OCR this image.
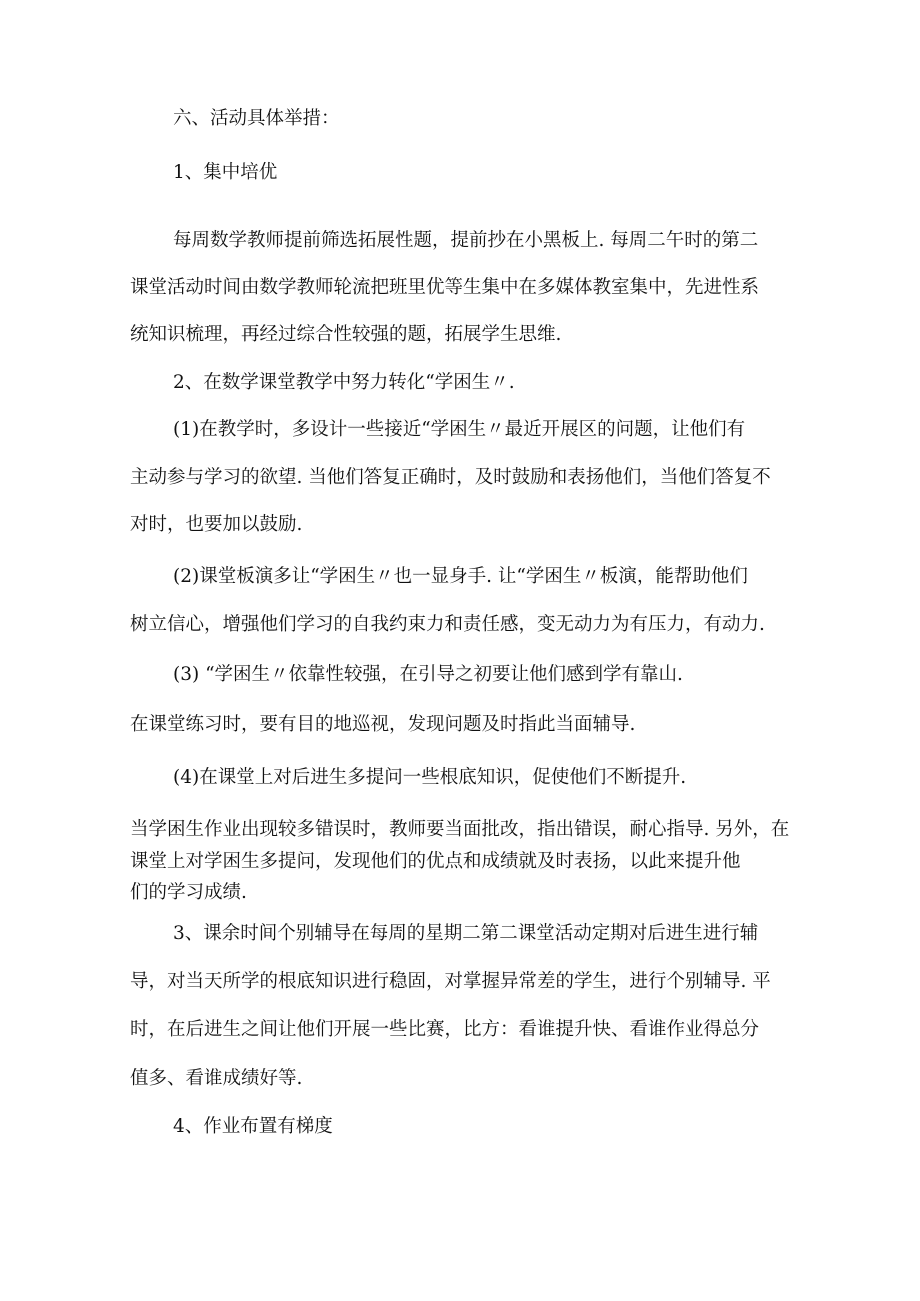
六、活动具体举措：

1、集中培优

每周数学教师提前筛选拓展性题，提前抄在小黑板上. 每周二午时的第二

课堂活动时间由数学教师轮流把班里优等生集中在多媒体教室集中，先进性系

统知识梳理，再经过综合性较强的题，拓展学生思维.

2、在数学课堂教学中努力转化“学困生〃.

(1)在教学时，多设计一些接近“学困生〃最近开展区的问题，让他们有

主动参与学习的欲望. 当他们答复正确时，及时鼓励和表扬他们，当他们答复不

对时，也要加以鼓励.

(2)课堂板演多让“学困生〃也一显身手. 让“学困生〃板演，能帮助他们

树立信心，增强他们学习的自我约束力和责任感，变无动力为有压力，有动力.

(3) “学困生〃依靠性较强，在引导之初要让他们感到学有靠山.

在课堂练习时，要有目的地巡视，发现问题及时指此当面辅导.

(4)在课堂上对后进生多提问一些根底知识，促使他们不断提升.

当学困生作业出现较多错误时，教师要当面批改，指出错误，耐心指导. 另外，在

课堂上对学困生多提问，发现他们的优点和成绩就及时表扬，以此来提升他

们的学习成绩.

3、课余时间个别辅导在每周的星期二第二课堂活动定期对后进生进行辅

导，对当天所学的根底知识进行稳固，对掌握异常差的学生，进行个别辅导. 平

时，在后进生之间让他们开展一些比赛，比方：看谁提升快、看谁作业得总分

值多、看谁成绩好等.

4、作业布置有梯度
